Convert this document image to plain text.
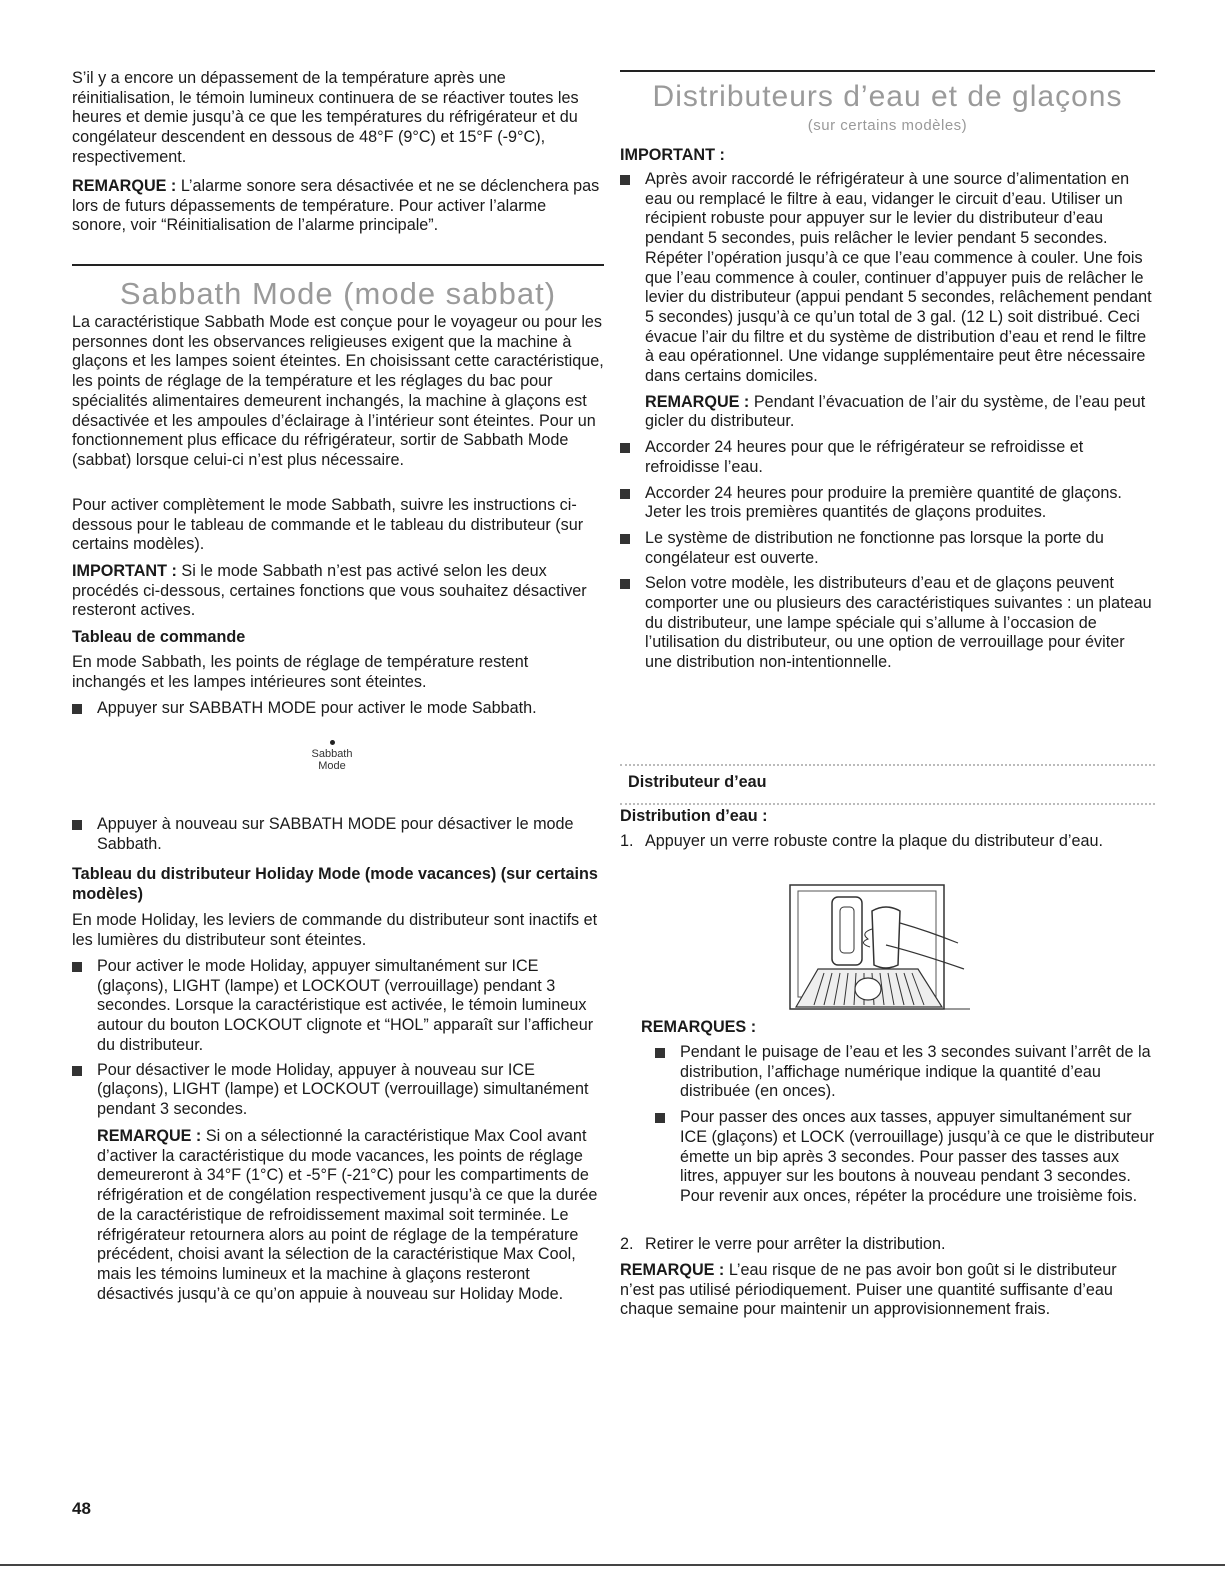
S’il y a encore un dépassement de la température après une réinitialisation, le témoin lumineux continuera de se réactiver toutes les heures et demie jusqu’à ce que les températures du réfrigérateur et du congélateur descendent en dessous de 48°F (9°C) et 15°F (-9°C), respectivement.

REMARQUE : L’alarme sonore sera désactivée et ne se déclenchera pas lors de futurs dépassements de température. Pour activer l’alarme sonore, voir “Réinitialisation de l’alarme principale”.

Sabbath Mode (mode sabbat)

La caractéristique Sabbath Mode est conçue pour le voyageur ou pour les personnes dont les observances religieuses exigent que la machine à glaçons et les lampes soient éteintes. En choisissant cette caractéristique, les points de réglage de la température et les réglages du bac pour spécialités alimentaires demeurent inchangés, la machine à glaçons est désactivée et les ampoules d’éclairage à l’intérieur sont éteintes. Pour un fonctionnement plus efficace du réfrigérateur, sortir de Sabbath Mode (sabbat) lorsque celui-ci n’est plus nécessaire.

Pour activer complètement le mode Sabbath, suivre les instructions ci-dessous pour le tableau de commande et le tableau du distributeur (sur certains modèles).

IMPORTANT : Si le mode Sabbath n’est pas activé selon les deux procédés ci-dessous, certaines fonctions que vous souhaitez désactiver resteront actives.

Tableau de commande

En mode Sabbath, les points de réglage de température restent inchangés et les lampes intérieures sont éteintes.

Appuyer sur SABBATH MODE pour activer le mode Sabbath.
Sabbath
Mode
Appuyer à nouveau sur SABBATH MODE pour désactiver le mode Sabbath.
Tableau du distributeur Holiday Mode (mode vacances) (sur certains modèles)

En mode Holiday, les leviers de commande du distributeur sont inactifs et les lumières du distributeur sont éteintes.

Pour activer le mode Holiday, appuyer simultanément sur ICE (glaçons), LIGHT (lampe) et LOCKOUT (verrouillage) pendant 3 secondes. Lorsque la caractéristique est activée, le témoin lumineux autour du bouton LOCKOUT clignote et “HOL” apparaît sur l’afficheur du distributeur.
Pour désactiver le mode Holiday, appuyer à nouveau sur ICE (glaçons), LIGHT (lampe) et LOCKOUT (verrouillage) simultanément pendant 3 secondes.

REMARQUE : Si on a sélectionné la caractéristique Max Cool avant d’activer la caractéristique du mode vacances, les points de réglage demeureront à 34°F (1°C) et -5°F (-21°C) pour les compartiments de réfrigération et de congélation respectivement jusqu’à ce que la durée de la caractéristique de refroidissement maximal soit terminée. Le réfrigérateur retournera alors au point de réglage de la température précédent, choisi avant la sélection de la caractéristique Max Cool, mais les témoins lumineux et la machine à glaçons resteront désactivés jusqu’à ce qu’on appuie à nouveau sur Holiday Mode.

Distributeurs d’eau et de glaçons
(sur certains modèles)
IMPORTANT :
Après avoir raccordé le réfrigérateur à une source d’alimentation en eau ou remplacé le filtre à eau, vidanger le circuit d’eau. Utiliser un récipient robuste pour appuyer sur le levier du distributeur d’eau pendant 5 secondes, puis relâcher le levier pendant 5 secondes. Répéter l’opération jusqu’à ce que l’eau commence à couler. Une fois que l’eau commence à couler, continuer d’appuyer puis de relâcher le levier du distributeur (appui pendant 5 secondes, relâchement pendant 5 secondes) jusqu’à ce qu’un total de 3 gal. (12 L) soit distribué. Ceci évacue l’air du filtre et du système de distribution d’eau et rend le filtre à eau opérationnel. Une vidange supplémentaire peut être nécessaire dans certains domiciles.

REMARQUE : Pendant l’évacuation de l’air du système, de l’eau peut gicler du distributeur.

Accorder 24 heures pour que le réfrigérateur se refroidisse et refroidisse l’eau.
Accorder 24 heures pour produire la première quantité de glaçons. Jeter les trois premières quantités de glaçons produites.
Le système de distribution ne fonctionne pas lorsque la porte du congélateur est ouverte.
Selon votre modèle, les distributeurs d’eau et de glaçons peuvent comporter une ou plusieurs des caractéristiques suivantes : un plateau du distributeur, une lampe spéciale qui s’allume à l’occasion de l’utilisation du distributeur, ou une option de verrouillage pour éviter une distribution non-intentionnelle.
Distributeur d’eau
Distribution d’eau :
1. Appuyer un verre robuste contre la plaque du distributeur d’eau.
REMARQUES :
Pendant le puisage de l’eau et les 3 secondes suivant l’arrêt de la distribution, l’affichage numérique indique la quantité d’eau distribuée (en onces).
Pour passer des onces aux tasses, appuyer simultanément sur ICE (glaçons) et LOCK (verrouillage) jusqu’à ce que le distributeur émette un bip après 3 secondes. Pour passer des tasses aux litres, appuyer sur les boutons à nouveau pendant 3 secondes. Pour revenir aux onces, répéter la procédure une troisième fois.
2. Retirer le verre pour arrêter la distribution.

REMARQUE : L’eau risque de ne pas avoir bon goût si le distributeur n’est pas utilisé périodiquement. Puiser une quantité suffisante d’eau chaque semaine pour maintenir un approvisionnement frais.

48
